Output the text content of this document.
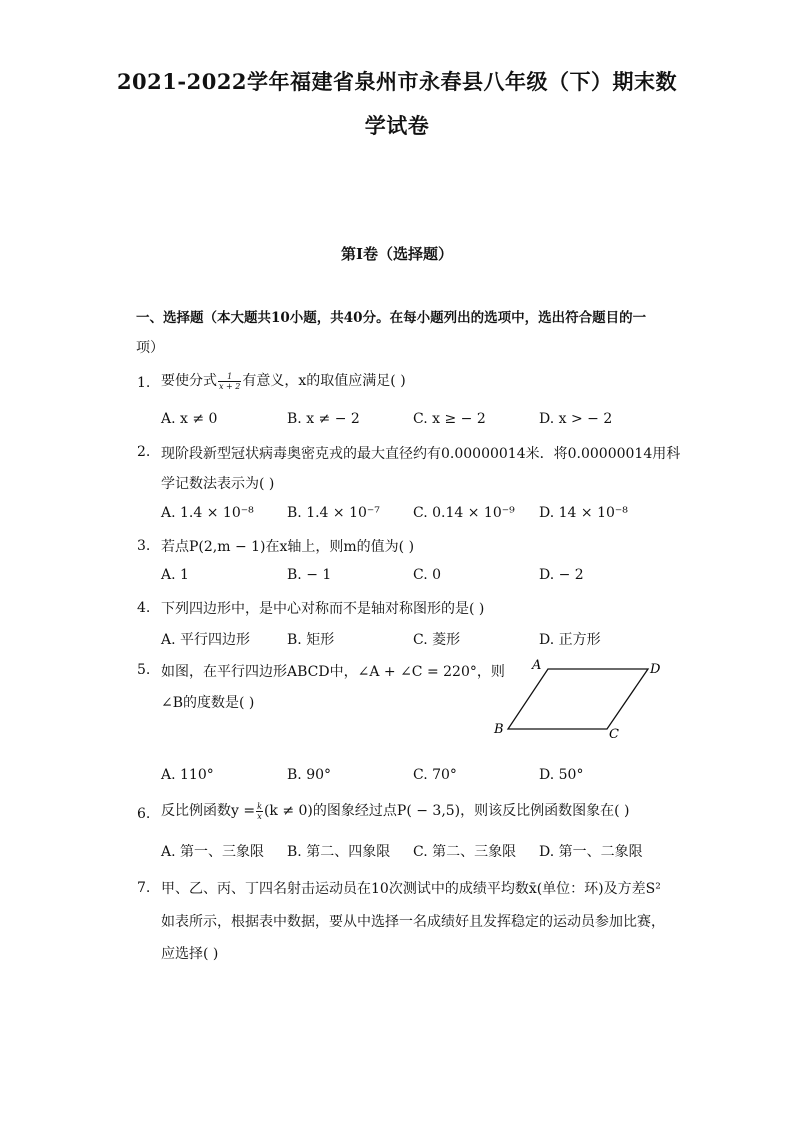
2021-2022学年福建省泉州市永春县八年级（下）期末数
学试卷
第I卷（选择题）
一、选择题（本大题共10小题，共40分。在每小题列出的选项中，选出符合题目的一
项）
1. 要使分式 $\frac{1}{x + 2}$ 有意义，x的取值应满足( )
A. x ≠ 0	B. x ≠ − 2	C. x ≥ − 2	D. x > − 2
2. 现阶段新型冠状病毒奥密克戎的最大直径约有0.00000014米．将0.00000014用科
学记数法表示为( )
A. 1.4 × 10⁻⁸ B. 1.4 × 10⁻⁷ C. 0.14 × 10⁻⁹ D. 14 × 10⁻⁸
3. 若点P(2,m − 1)在x轴上，则m的值为( )
A. 1	B. − 1	C. 0	D. − 2
4. 下列四边形中，是中心对称而不是轴对称图形的是( )
A. 平行四边形	B. 矩形	C. 菱形	D. 正方形
5. 如图，在平行四边形ABCD中，∠A + ∠C = 220°，则
∠B的度数是( )
A	D
B	C
A. 110°	B. 90°	C. 70°	D. 50°
6. 反比例函数$y = \frac{k}{x} (k \ne 0)$的图象经过点P( − 3,5)，则该反比例函数图象在( )
A. 第一、三象限 B. 第二、四象限 C. 第二、三象限 D. 第一、二象限
7. 甲、乙、丙、丁四名射击运动员在10次测试中的成绩平均数x̄(单位：环)及方差S²
如表所示，根据表中数据，要从中选择一名成绩好且发挥稳定的运动员参加比赛，
应选择( )
